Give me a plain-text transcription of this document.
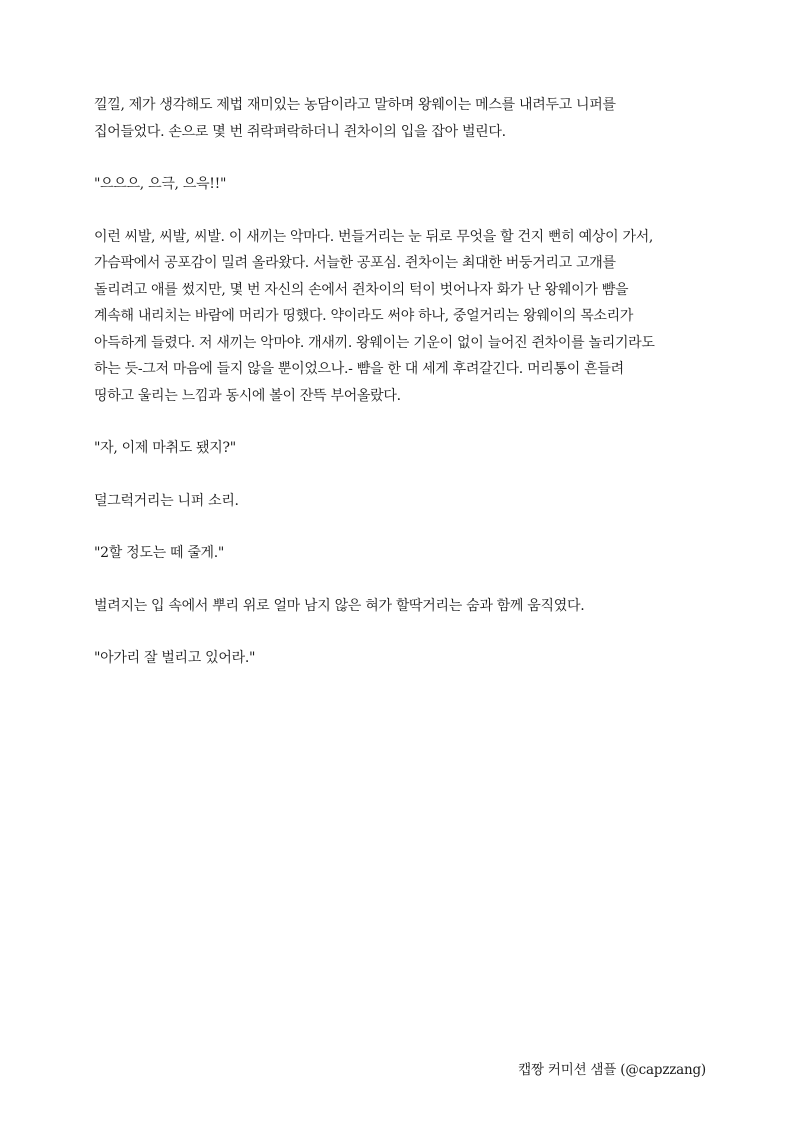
낄낄, 제가 생각해도 제법 재미있는 농담이라고 말하며 왕웨이는 메스를 내려두고 니퍼를
집어들었다. 손으로 몇 번 쥐락펴락하더니 쥔차이의 입을 잡아 벌린다.

"으으으, 으극, 으윽!!"

이런 씨발, 씨발, 씨발. 이 새끼는 악마다. 번들거리는 눈 뒤로 무엇을 할 건지 뻔히 예상이 가서,
가슴팍에서 공포감이 밀려 올라왔다. 서늘한 공포심. 쥔차이는 최대한 버둥거리고 고개를
돌리려고 애를 썼지만, 몇 번 자신의 손에서 쥔차이의 턱이 벗어나자 화가 난 왕웨이가 뺨을
계속해 내리치는 바람에 머리가 띵했다. 약이라도 써야 하나, 중얼거리는 왕웨이의 목소리가
아득하게 들렸다. 저 새끼는 악마야. 개새끼. 왕웨이는 기운이 없이 늘어진 쥔차이를 놀리기라도
하는 듯-그저 마음에 들지 않을 뿐이었으나.- 뺨을 한 대 세게 후려갈긴다. 머리통이 흔들려
띵하고 울리는 느낌과 동시에 볼이 잔뜩 부어올랐다.

"자, 이제 마취도 됐지?"

덜그럭거리는 니퍼 소리.

"2할 정도는 떼 줄게."

벌려지는 입 속에서 뿌리 위로 얼마 남지 않은 혀가 할딱거리는 숨과 함께 움직였다.

"아가리 잘 벌리고 있어라."

캡짱 커미션 샘플 (@capzzang)
